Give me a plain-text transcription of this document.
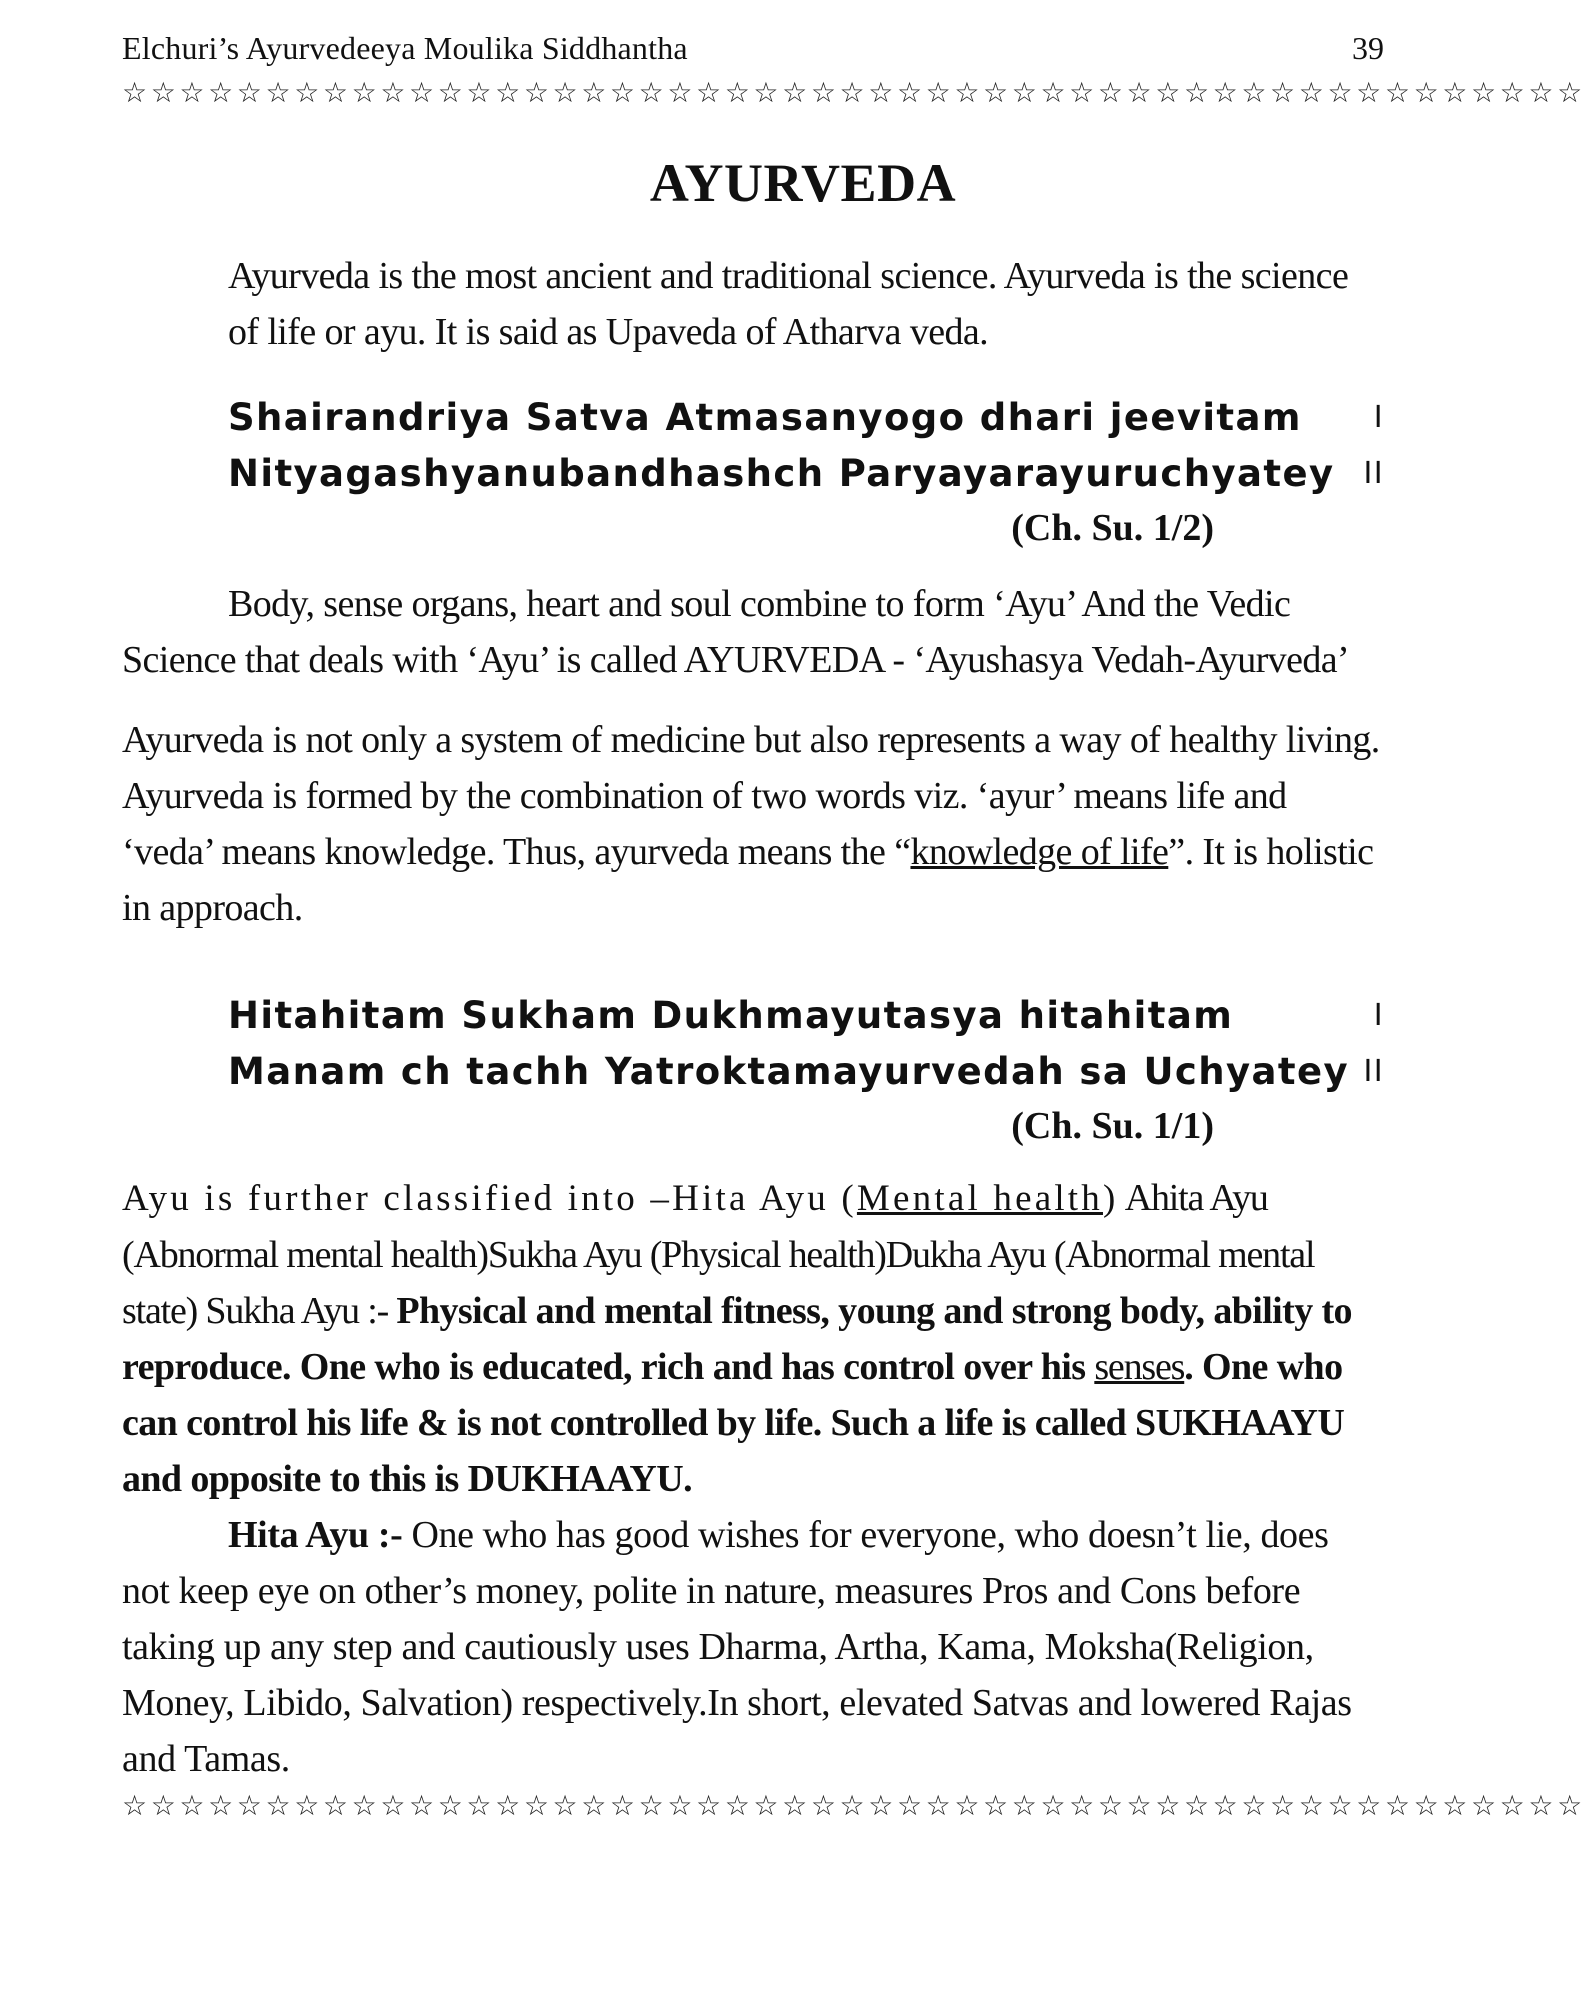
Elchuri’s Ayurvedeeya Moulika Siddhantha	39
☆☆☆☆☆☆☆☆☆☆☆☆☆☆☆☆☆☆☆☆☆☆☆☆☆☆☆☆☆☆☆☆☆☆☆☆☆☆☆☆☆☆☆☆☆☆☆☆☆☆☆
AYURVEDA

Ayurveda is the most ancient and traditional science. Ayurveda is the science of life or ayu. It is said as Upaveda of Atharva veda.

Shairandriya Satva Atmasanyogo dhari jeevitam I
Nityagashyanubandhashch Paryayarayuruchyatey II
(Ch. Su. 1/2)

Body, sense organs, heart and soul combine to form ‘Ayu’ And the Vedic Science that deals with ‘Ayu’ is called AYURVEDA - ‘Ayushasya Vedah-Ayurveda’

Ayurveda is not only a system of medicine but also represents a way of healthy living. Ayurveda is formed by the combination of two words viz. ‘ayur’ means life and ‘veda’ means knowledge. Thus, ayurveda means the “knowledge of life”. It is holistic in approach.

Hitahitam Sukham Dukhmayutasya hitahitam	I
Manam ch tachh Yatroktamayurvedah sa Uchyatey II
(Ch. Su. 1/1)

Ayu is further classified into –Hita Ayu (Mental health) Ahita Ayu (Abnormal mental health)Sukha Ayu (Physical health)Dukha Ayu (Abnormal mental state) Sukha Ayu :- Physical and mental fitness, young and strong body, ability to reproduce. One who is educated, rich and has control over his senses. One who can control his life & is not controlled by life. Such a life is called SUKHAAYU and opposite to this is DUKHAAYU.

Hita Ayu :- One who has good wishes for everyone, who doesn’t lie, does not keep eye on other’s money, polite in nature, measures Pros and Cons before taking up any step and cautiously uses Dharma, Artha, Kama, Moksha(Religion, Money, Libido, Salvation) respectively.In short, elevated Satvas and lowered Rajas and Tamas.

☆☆☆☆☆☆☆☆☆☆☆☆☆☆☆☆☆☆☆☆☆☆☆☆☆☆☆☆☆☆☆☆☆☆☆☆☆☆☆☆☆☆☆☆☆☆☆☆☆☆☆
